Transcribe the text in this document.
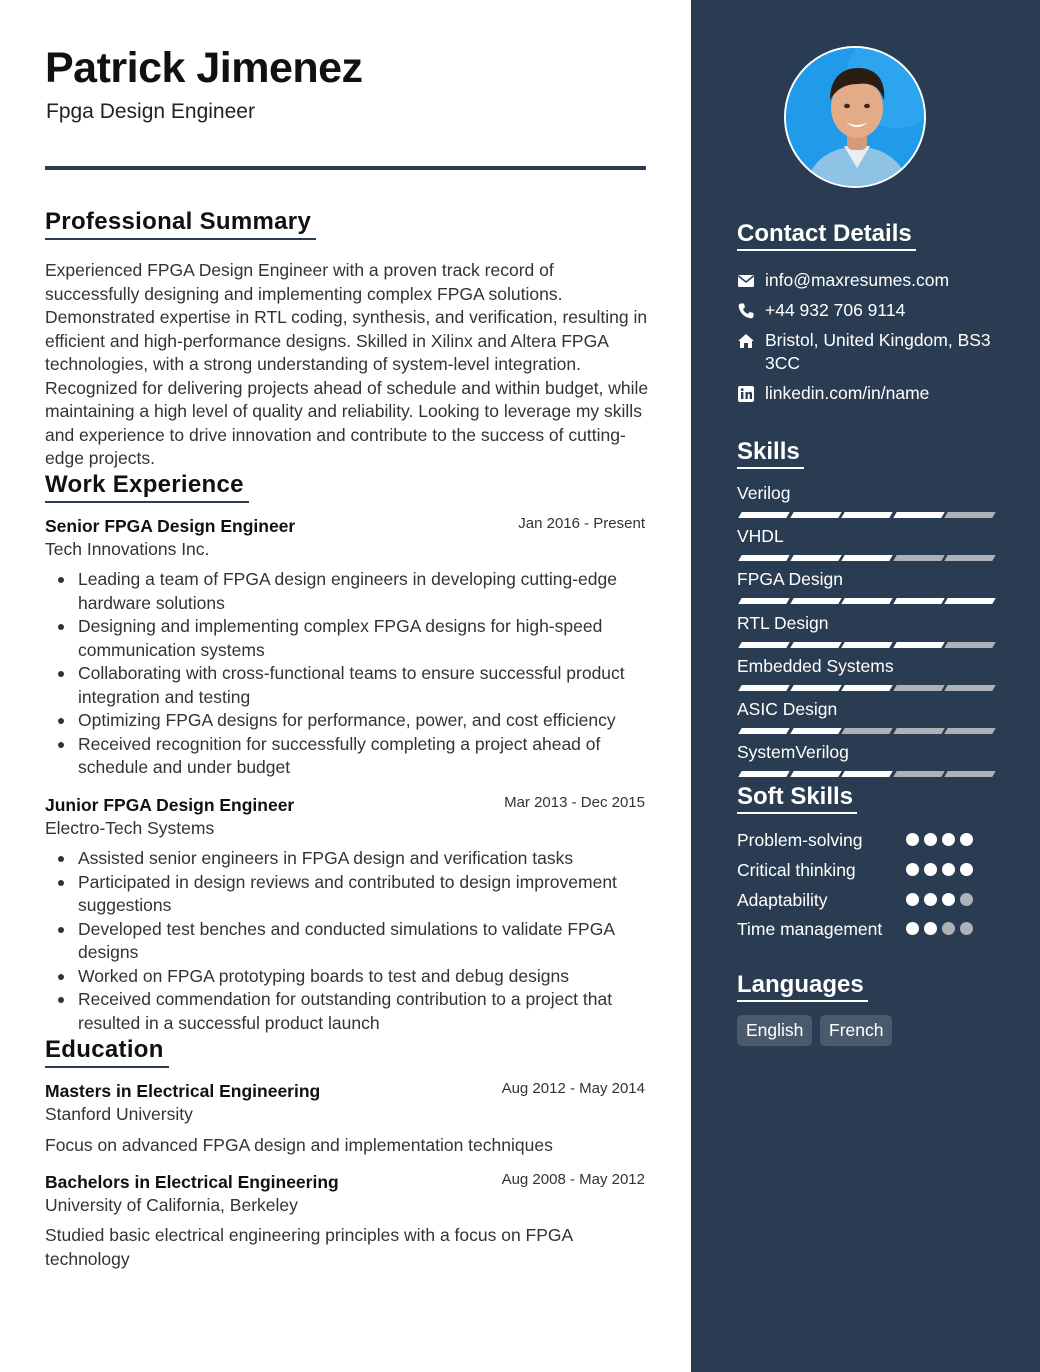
Patrick Jimenez
Fpga Design Engineer
Professional Summary
Experienced FPGA Design Engineer with a proven track record of successfully designing and implementing complex FPGA solutions. Demonstrated expertise in RTL coding, synthesis, and verification, resulting in efficient and high-performance designs. Skilled in Xilinx and Altera FPGA technologies, with a strong understanding of system-level integration. Recognized for delivering projects ahead of schedule and within budget, while maintaining a high level of quality and reliability. Looking to leverage my skills and experience to drive innovation and contribute to the success of cutting-edge projects.
Work Experience
Senior FPGA Design Engineer	Jan 2016 - Present
Tech Innovations Inc.
Leading a team of FPGA design engineers in developing cutting-edge hardware solutions
Designing and implementing complex FPGA designs for high-speed communication systems
Collaborating with cross-functional teams to ensure successful product integration and testing
Optimizing FPGA designs for performance, power, and cost efficiency
Received recognition for successfully completing a project ahead of schedule and under budget
Junior FPGA Design Engineer	Mar 2013 - Dec 2015
Electro-Tech Systems
Assisted senior engineers in FPGA design and verification tasks
Participated in design reviews and contributed to design improvement suggestions
Developed test benches and conducted simulations to validate FPGA designs
Worked on FPGA prototyping boards to test and debug designs
Received commendation for outstanding contribution to a project that resulted in a successful product launch
Education
Masters in Electrical Engineering	Aug 2012 - May 2014
Stanford University
Focus on advanced FPGA design and implementation techniques
Bachelors in Electrical Engineering	Aug 2008 - May 2012
University of California, Berkeley
Studied basic electrical engineering principles with a focus on FPGA technology
Contact Details
info@maxresumes.com
+44 932 706 9114
Bristol, United Kingdom, BS3 3CC
linkedin.com/in/name
Skills
Verilog
VHDL
FPGA Design
RTL Design
Embedded Systems
ASIC Design
SystemVerilog
Soft Skills
Problem-solving
Critical thinking
Adaptability
Time management
Languages
English	French
